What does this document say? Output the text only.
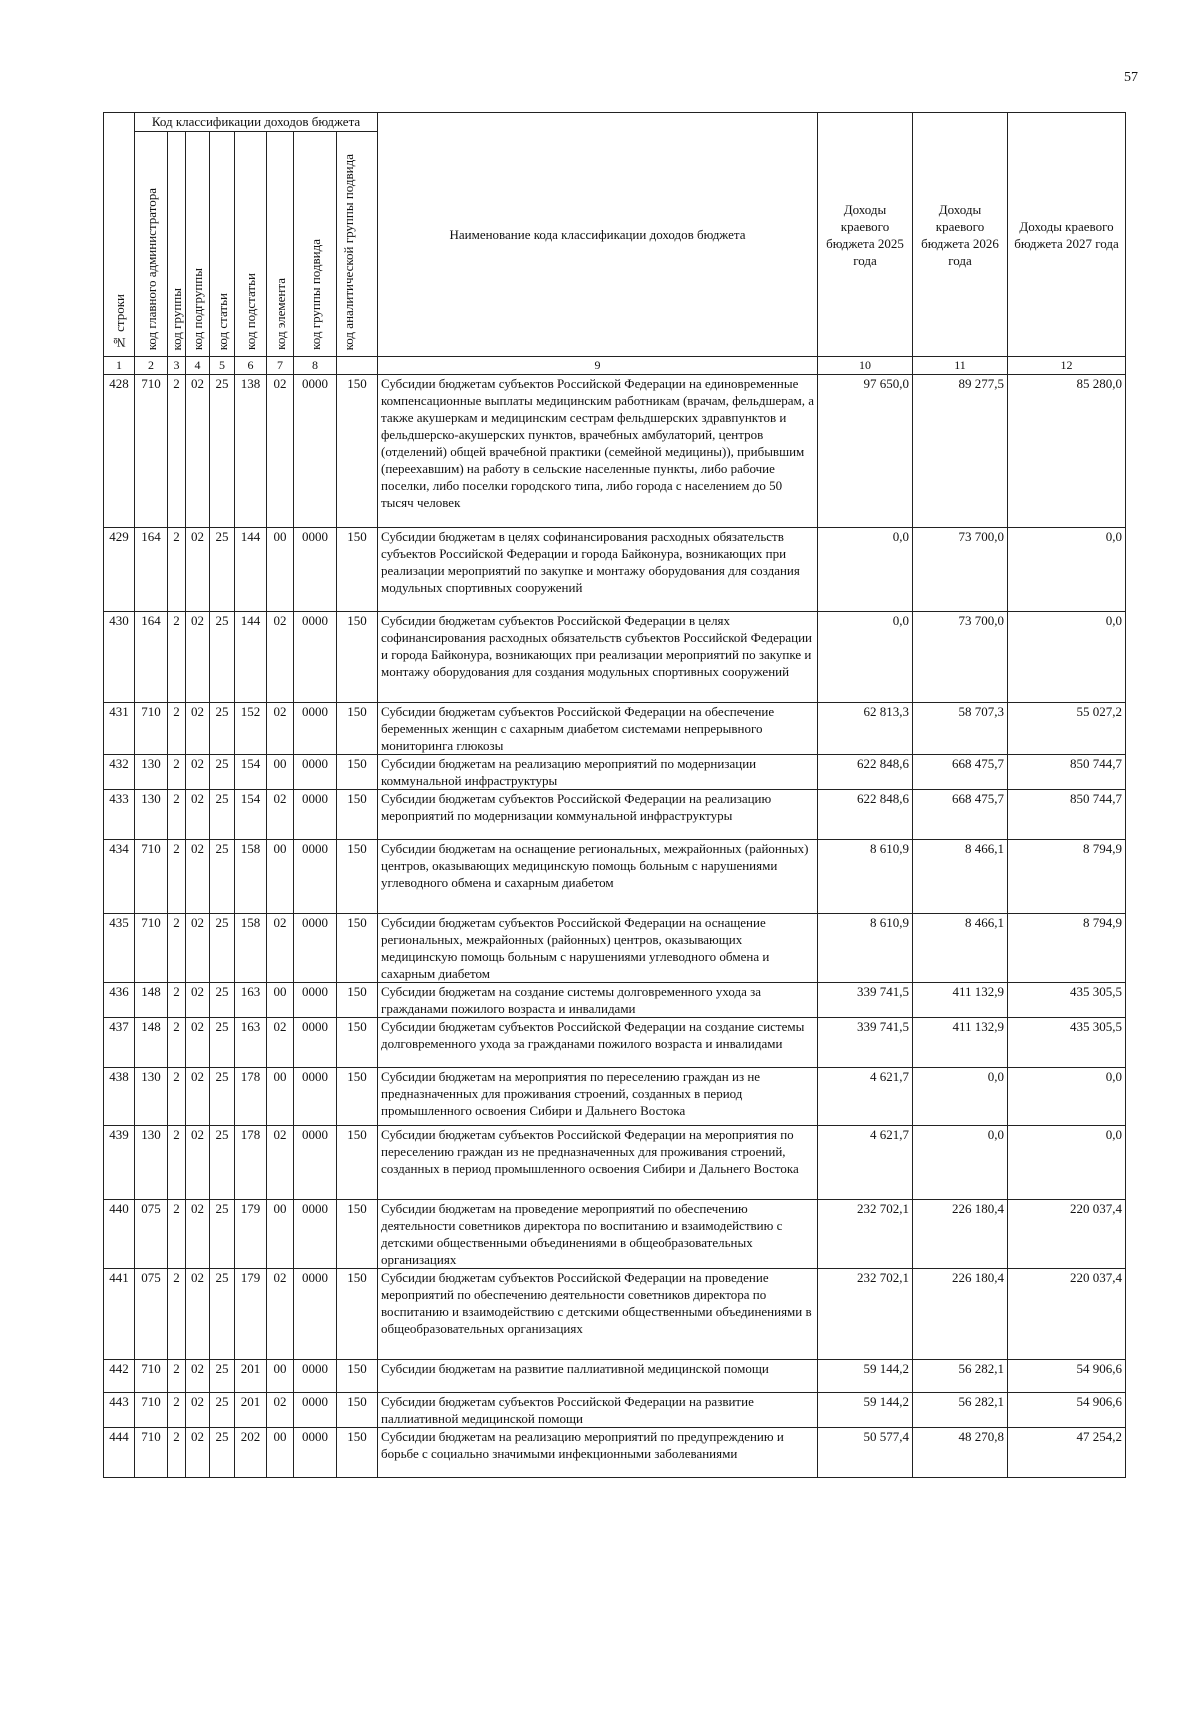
57
№ строки	Код классификации доходов бюджета								Наименование кода классификации доходов бюджета	Доходы краевого бюджета 2025 года	Доходы краевого бюджета 2026 года	Доходы краевого бюджета 2027 года
	код главного администратора	код группы	код подгруппы	код статьи	код подстатьи	код элемента	код группы подвида	код аналитической группы подвида				
1	2	3	4	5	6	7	8		9	10	11	12
428	710	2	02	25	138	02	0000	150	Субсидии бюджетам субъектов Российской Федерации на единовременные компенсационные выплаты медицинским работникам (врачам, фельдшерам, а также акушеркам и медицинским сестрам фельдшерских здравпунктов и фельдшерско-акушерских пунктов, врачебных амбулаторий, центров (отделений) общей врачебной практики (семейной медицины)), прибывшим (переехавшим) на работу в сельские населенные пункты, либо рабочие поселки, либо поселки городского типа, либо города с населением до 50 тысяч человек	97 650,0	89 277,5	85 280,0
429	164	2	02	25	144	00	0000	150	Субсидии бюджетам в целях софинансирования расходных обязательств субъектов Российской Федерации и города Байконура, возникающих при реализации мероприятий по закупке и монтажу оборудования для создания модульных спортивных сооружений	0,0	73 700,0	0,0
430	164	2	02	25	144	02	0000	150	Субсидии бюджетам субъектов Российской Федерации в целях софинансирования расходных обязательств субъектов Российской Федерации и города Байконура, возникающих при реализации мероприятий по закупке и монтажу оборудования для создания модульных спортивных сооружений	0,0	73 700,0	0,0
431	710	2	02	25	152	02	0000	150	Субсидии бюджетам субъектов Российской Федерации на обеспечение беременных женщин с сахарным диабетом системами непрерывного мониторинга глюкозы	62 813,3	58 707,3	55 027,2
432	130	2	02	25	154	00	0000	150	Субсидии бюджетам на реализацию мероприятий по модернизации коммунальной инфраструктуры	622 848,6	668 475,7	850 744,7
433	130	2	02	25	154	02	0000	150	Субсидии бюджетам субъектов Российской Федерации на реализацию мероприятий по модернизации коммунальной инфраструктуры	622 848,6	668 475,7	850 744,7
434	710	2	02	25	158	00	0000	150	Субсидии бюджетам на оснащение региональных, межрайонных (районных) центров, оказывающих медицинскую помощь больным с нарушениями углеводного обмена и сахарным диабетом	8 610,9	8 466,1	8 794,9
435	710	2	02	25	158	02	0000	150	Субсидии бюджетам субъектов Российской Федерации на оснащение региональных, межрайонных (районных) центров, оказывающих медицинскую помощь больным с нарушениями углеводного обмена и сахарным диабетом	8 610,9	8 466,1	8 794,9
436	148	2	02	25	163	00	0000	150	Субсидии бюджетам на создание системы долговременного ухода за гражданами пожилого возраста и инвалидами	339 741,5	411 132,9	435 305,5
437	148	2	02	25	163	02	0000	150	Субсидии бюджетам субъектов Российской Федерации на создание системы долговременного ухода за гражданами пожилого возраста и инвалидами	339 741,5	411 132,9	435 305,5
438	130	2	02	25	178	00	0000	150	Субсидии бюджетам на мероприятия по переселению граждан из не предназначенных для проживания строений, созданных в период промышленного освоения Сибири и Дальнего Востока	4 621,7	0,0	0,0
439	130	2	02	25	178	02	0000	150	Субсидии бюджетам субъектов Российской Федерации на мероприятия по переселению граждан из не предназначенных для проживания строений, созданных в период промышленного освоения Сибири и Дальнего Востока	4 621,7	0,0	0,0
440	075	2	02	25	179	00	0000	150	Субсидии бюджетам на проведение мероприятий по обеспечению деятельности советников директора по воспитанию и взаимодействию с детскими общественными объединениями в общеобразовательных организациях	232 702,1	226 180,4	220 037,4
441	075	2	02	25	179	02	0000	150	Субсидии бюджетам субъектов Российской Федерации на проведение мероприятий по обеспечению деятельности советников директора по воспитанию и взаимодействию с детскими общественными объединениями в общеобразовательных организациях	232 702,1	226 180,4	220 037,4
442	710	2	02	25	201	00	0000	150	Субсидии бюджетам на развитие паллиативной медицинской помощи	59 144,2	56 282,1	54 906,6
443	710	2	02	25	201	02	0000	150	Субсидии бюджетам субъектов Российской Федерации на развитие паллиативной медицинской помощи	59 144,2	56 282,1	54 906,6
444	710	2	02	25	202	00	0000	150	Субсидии бюджетам на реализацию мероприятий по предупреждению и борьбе с социально значимыми инфекционными заболеваниями	50 577,4	48 270,8	47 254,2
